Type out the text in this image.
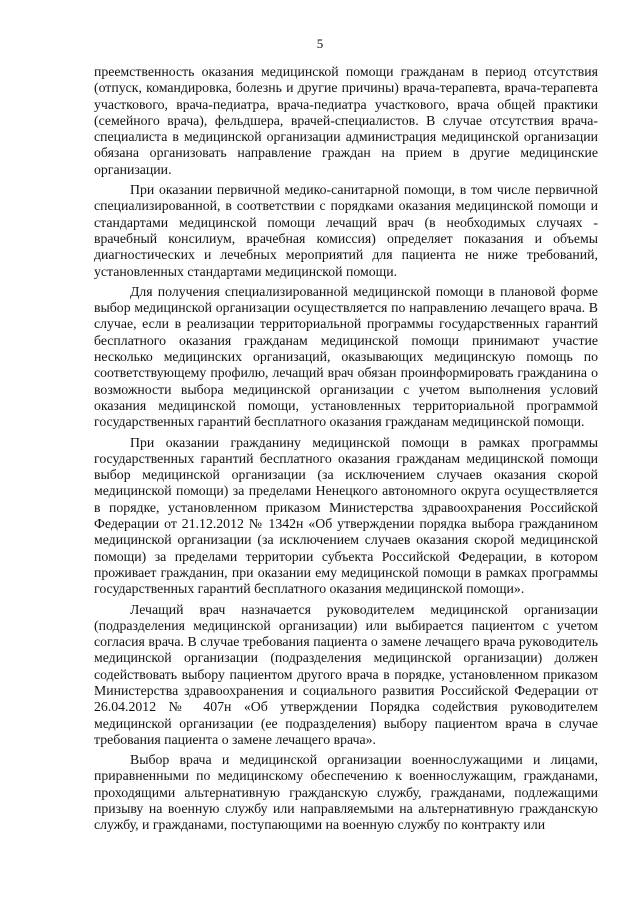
5

преемственность оказания медицинской помощи гражданам в период отсутствия (отпуск, командировка, болезнь и другие причины) врача-терапевта, врача-терапевта участкового, врача-педиатра, врача-педиатра участкового, врача общей практики (семейного врача), фельдшера, врачей-специалистов. В случае отсутствия врача-специалиста в медицинской организации администрация медицинской организации обязана организовать направление граждан на прием в другие медицинские организации.

При оказании первичной медико-санитарной помощи, в том числе первичной специализированной, в соответствии с порядками оказания медицинской помощи и стандартами медицинской помощи лечащий врач (в необходимых случаях - врачебный консилиум, врачебная комиссия) определяет показания и объемы диагностических и лечебных мероприятий для пациента не ниже требований, установленных стандартами медицинской помощи.

Для получения специализированной медицинской помощи в плановой форме выбор медицинской организации осуществляется по направлению лечащего врача. В случае, если в реализации территориальной программы государственных гарантий бесплатного оказания гражданам медицинской помощи принимают участие несколько медицинских организаций, оказывающих медицинскую помощь по соответствующему профилю, лечащий врач обязан проинформировать гражданина о возможности выбора медицинской организации с учетом выполнения условий оказания медицинской помощи, установленных территориальной программой государственных гарантий бесплатного оказания гражданам медицинской помощи.

При оказании гражданину медицинской помощи в рамках программы государственных гарантий бесплатного оказания гражданам медицинской помощи выбор медицинской организации (за исключением случаев оказания скорой медицинской помощи) за пределами Ненецкого автономного округа осуществляется в порядке, установленном приказом Министерства здравоохранения Российской Федерации от 21.12.2012 № 1342н «Об утверждении порядка выбора гражданином медицинской организации (за исключением случаев оказания скорой медицинской помощи) за пределами территории субъекта Российской Федерации, в котором проживает гражданин, при оказании ему медицинской помощи в рамках программы государственных гарантий бесплатного оказания медицинской помощи».

Лечащий врач назначается руководителем медицинской организации (подразделения медицинской организации) или выбирается пациентом с учетом согласия врача. В случае требования пациента о замене лечащего врача руководитель медицинской организации (подразделения медицинской организации) должен содействовать выбору пациентом другого врача в порядке, установленном приказом Министерства здравоохранения и социального развития Российской Федерации от 26.04.2012 № 407н «Об утверждении Порядка содействия руководителем медицинской организации (ее подразделения) выбору пациентом врача в случае требования пациента о замене лечащего врача».

Выбор врача и медицинской организации военнослужащими и лицами, приравненными по медицинскому обеспечению к военнослужащим, гражданами, проходящими альтернативную гражданскую службу, гражданами, подлежащими призыву на военную службу или направляемыми на альтернативную гражданскую службу, и гражданами, поступающими на военную службу по контракту или
